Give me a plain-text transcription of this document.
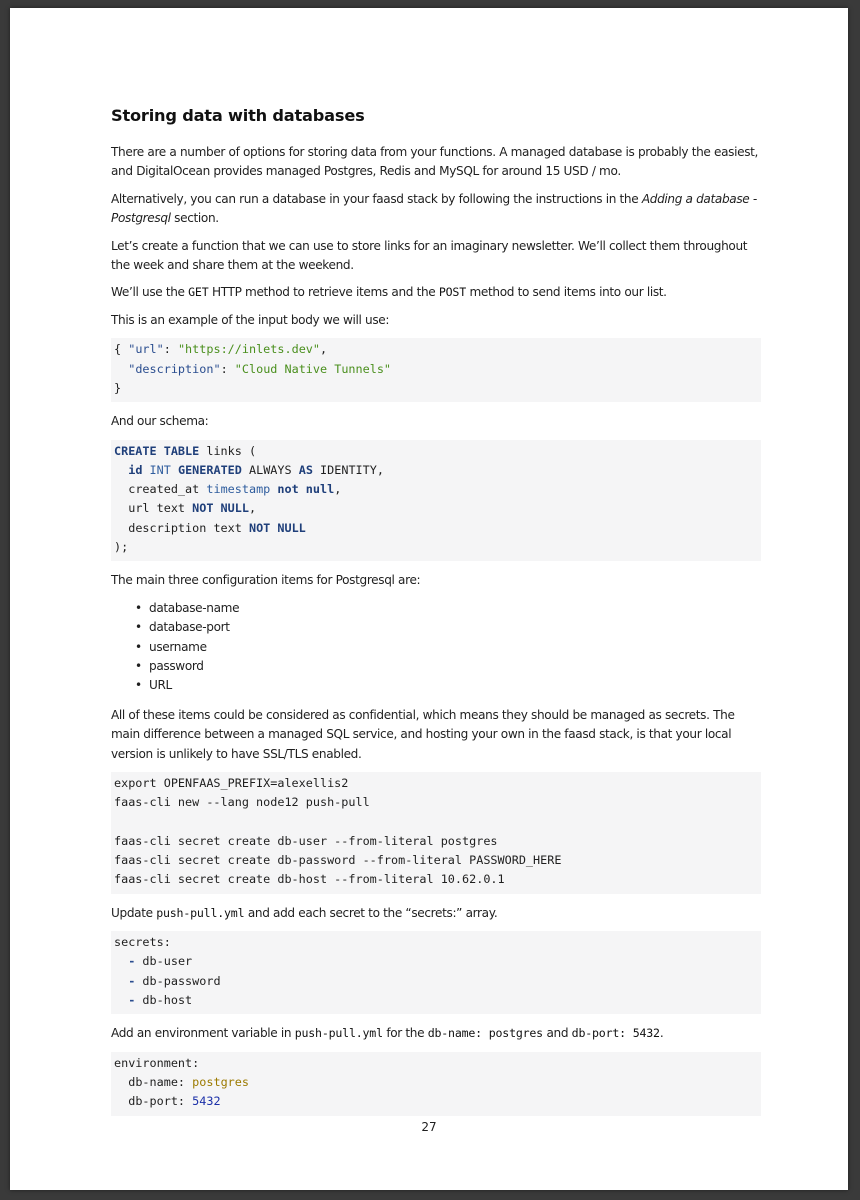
Storing data with databases

There are a number of options for storing data from your functions. A managed database is probably the easiest, and DigitalOcean provides managed Postgres, Redis and MySQL for around 15 USD / mo.

Alternatively, you can run a database in your faasd stack by following the instructions in the Adding a database - Postgresql section.

Let’s create a function that we can use to store links for an imaginary newsletter. We’ll collect them throughout the week and share them at the weekend.

We’ll use the GET HTTP method to retrieve items and the POST method to send items into our list.

This is an example of the input body we will use:

{ "url": "https://inlets.dev",
"description": "Cloud Native Tunnels"
}

And our schema:

CREATE TABLE links (
id INT GENERATED ALWAYS AS IDENTITY,
created_at timestamp not null,
url text NOT NULL,
description text NOT NULL
);

The main three configuration items for Postgresql are:

• database-name
• database-port
• username
• password
• URL

All of these items could be considered as confidential, which means they should be managed as secrets. The main difference between a managed SQL service, and hosting your own in the faasd stack, is that your local version is unlikely to have SSL/TLS enabled.

export OPENFAAS_PREFIX=alexellis2
faas-cli new --lang node12 push-pull

faas-cli secret create db-user --from-literal postgres
faas-cli secret create db-password --from-literal PASSWORD_HERE
faas-cli secret create db-host --from-literal 10.62.0.1

Update push-pull.yml and add each secret to the “secrets:” array.

secrets:
- db-user
- db-password
- db-host

Add an environment variable in push-pull.yml for the db-name: postgres and db-port: 5432.

environment:
db-name: postgres
db-port: 5432
27
